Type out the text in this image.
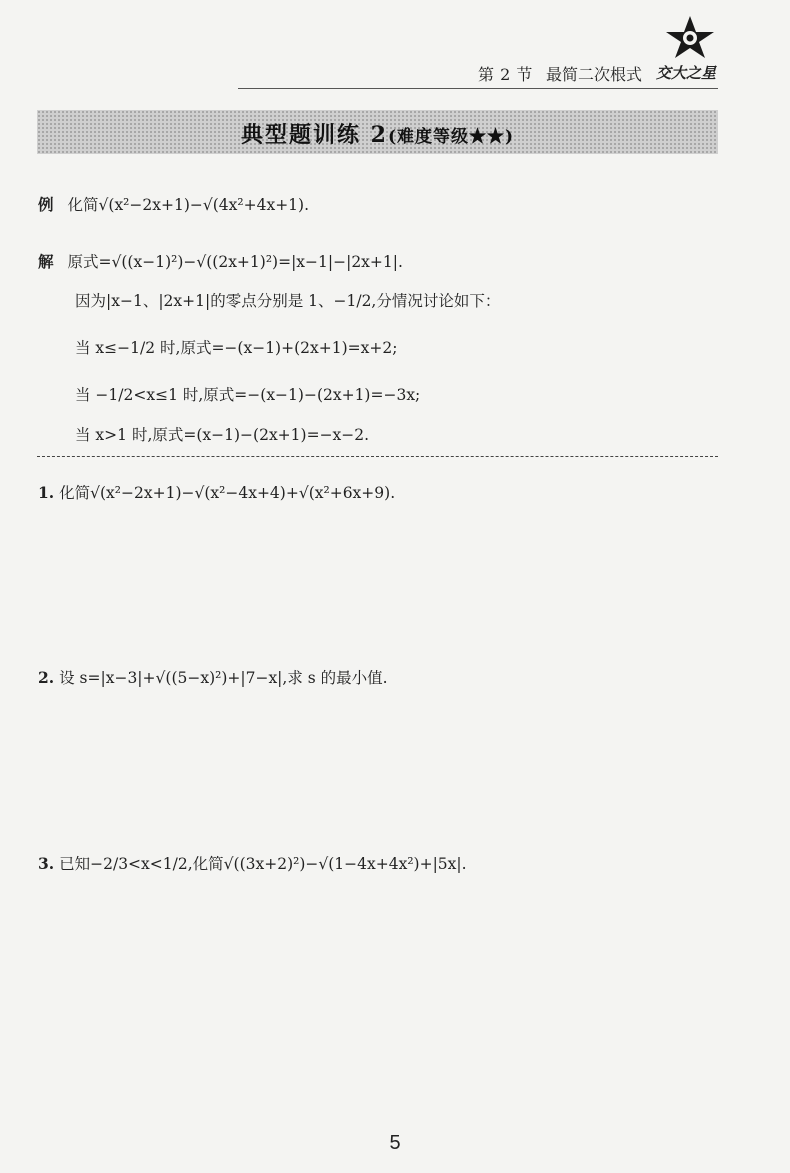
第 2 节 最简二次根式 交大之星
典型题训练 2(难度等级★★)

例 化简√(x²−2x+1)−√(4x²+4x+1).
解 原式=√((x−1)²)−√((2x+1)²)=|x−1|−|2x+1|.
因为|x−1、|2x+1|的零点分别是 1、−1/2,分情况讨论如下：
当 x≤−1/2 时,原式=−(x−1)+(2x+1)=x+2;
当 −1/2<x≤1 时,原式=−(x−1)−(2x+1)=−3x;
当 x>1 时,原式=(x−1)−(2x+1)=−x−2.
1. 化简√(x²−2x+1)−√(x²−4x+4)+√(x²+6x+9).
2. 设 s=|x−3|+√((5−x)²)+|7−x|,求 s 的最小值.
3. 已知−2/3<x<1/2,化简√((3x+2)²)−√(1−4x+4x²)+|5x|.
5
